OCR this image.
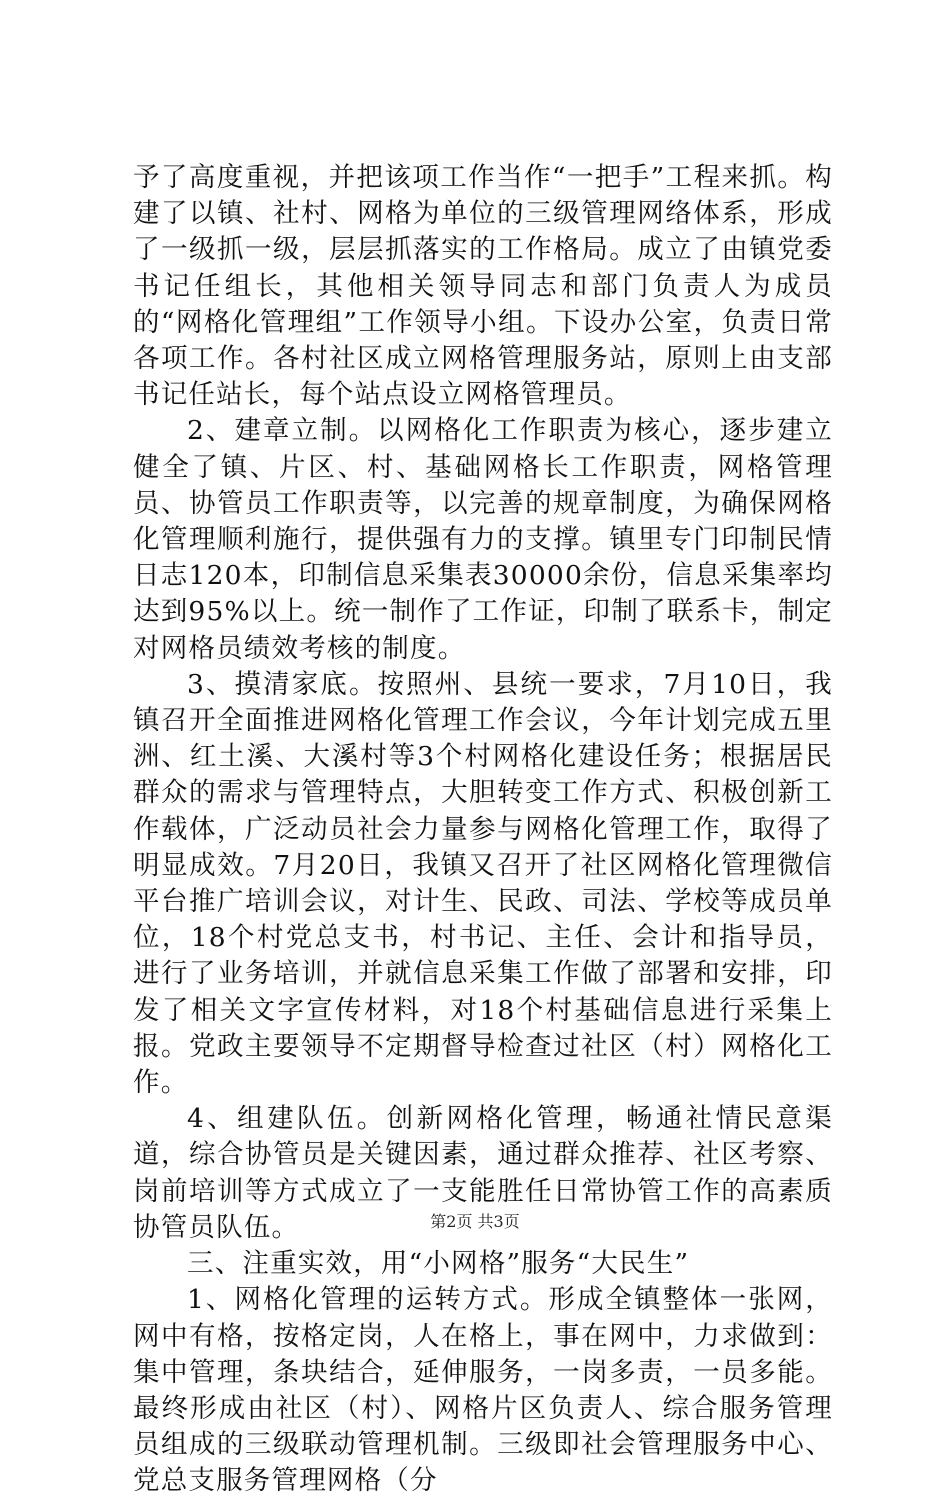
予了高度重视，并把该项工作当作“一把手”工程来抓。构建了以镇、社村、网格为单位的三级管理网络体系，形成了一级抓一级，层层抓落实的工作格局。成立了由镇党委书记任组长，其他相关领导同志和部门负责人为成员的“网格化管理组”工作领导小组。下设办公室，负责日常各项工作。各村社区成立网格管理服务站，原则上由支部书记任站长，每个站点设立网格管理员。

2、建章立制。以网格化工作职责为核心，逐步建立健全了镇、片区、村、基础网格长工作职责，网格管理员、协管员工作职责等，以完善的规章制度，为确保网格化管理顺利施行，提供强有力的支撑。镇里专门印制民情日志120本，印制信息采集表30000余份，信息采集率均达到95%以上。统一制作了工作证，印制了联系卡，制定对网格员绩效考核的制度。

3、摸清家底。按照州、县统一要求，7月10日，我镇召开全面推进网格化管理工作会议，今年计划完成五里洲、红土溪、大溪村等3个村网格化建设任务；根据居民群众的需求与管理特点，大胆转变工作方式、积极创新工作载体，广泛动员社会力量参与网格化管理工作，取得了明显成效。7月20日，我镇又召开了社区网格化管理微信平台推广培训会议，对计生、民政、司法、学校等成员单位，18个村党总支书，村书记、主任、会计和指导员，进行了业务培训，并就信息采集工作做了部署和安排，印发了相关文字宣传材料，对18个村基础信息进行采集上报。党政主要领导不定期督导检查过社区（村）网格化工作。

4、组建队伍。创新网格化管理，畅通社情民意渠道，综合协管员是关键因素，通过群众推荐、社区考察、岗前培训等方式成立了一支能胜任日常协管工作的高素质协管员队伍。

三、注重实效，用“小网格”服务“大民生”

1、网格化管理的运转方式。形成全镇整体一张网，网中有格，按格定岗，人在格上，事在网中，力求做到：集中管理，条块结合，延伸服务，一岗多责，一员多能。最终形成由社区（村）、网格片区负责人、综合服务管理员组成的三级联动管理机制。三级即社会管理服务中心、党总支服务管理网格（分

第2页 共3页
